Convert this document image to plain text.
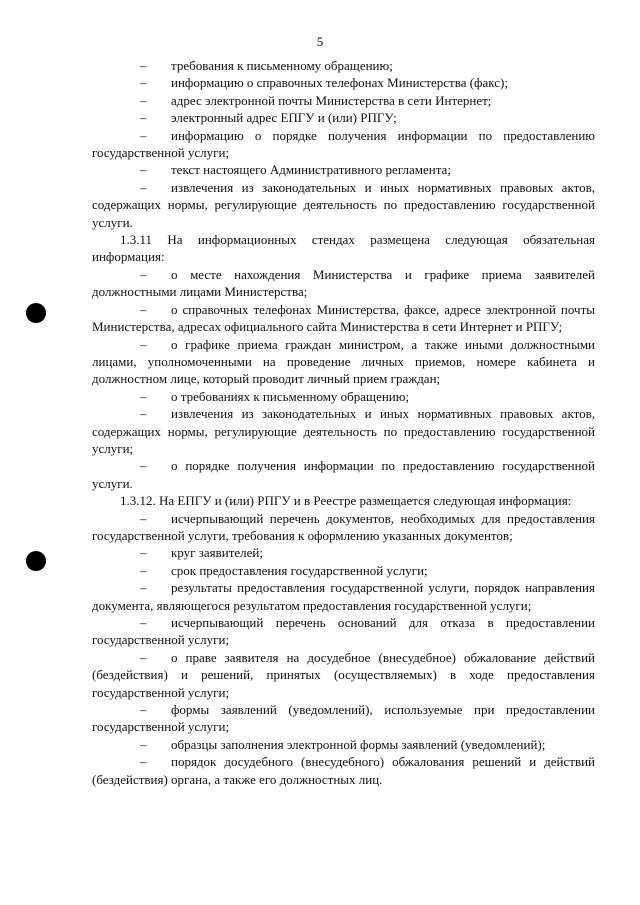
5

– требования к письменному обращению;

– информацию о справочных телефонах Министерства (факс);

– адрес электронной почты Министерства в сети Интернет;

– электронный адрес ЕПГУ и (или) РПГУ;

– информацию о порядке получения информации по предоставлению государственной услуги;

– текст настоящего Административного регламента;

– извлечения из законодательных и иных нормативных правовых актов, содержащих нормы, регулирующие деятельность по предоставлению государственной услуги.

1.3.11 На информационных стендах размещена следующая обязательная информация:

– о месте нахождения Министерства и графике приема заявителей должностными лицами Министерства;

– о справочных телефонах Министерства, факсе, адресе электронной почты Министерства, адресах официального сайта Министерства в сети Интернет и РПГУ;

– о графике приема граждан министром, а также иными должностными лицами, уполномоченными на проведение личных приемов, номере кабинета и должностном лице, который проводит личный прием граждан;

– о требованиях к письменному обращению;

– извлечения из законодательных и иных нормативных правовых актов, содержащих нормы, регулирующие деятельность по предоставлению государственной услуги;

– о порядке получения информации по предоставлению государственной услуги.

1.3.12. На ЕПГУ и (или) РПГУ и в Реестре размещается следующая информация:

– исчерпывающий перечень документов, необходимых для предоставления государственной услуги, требования к оформлению указанных документов;

– круг заявителей;

– срок предоставления государственной услуги;

– результаты предоставления государственной услуги, порядок направления документа, являющегося результатом предоставления государственной услуги;

– исчерпывающий перечень оснований для отказа в предоставлении государственной услуги;

– о праве заявителя на досудебное (внесудебное) обжалование действий (бездействия) и решений, принятых (осуществляемых) в ходе предоставления государственной услуги;

– формы заявлений (уведомлений), используемые при предоставлении государственной услуги;

– образцы заполнения электронной формы заявлений (уведомлений);

– порядок досудебного (внесудебного) обжалования решений и действий (бездействия) органа, а также его должностных лиц.
